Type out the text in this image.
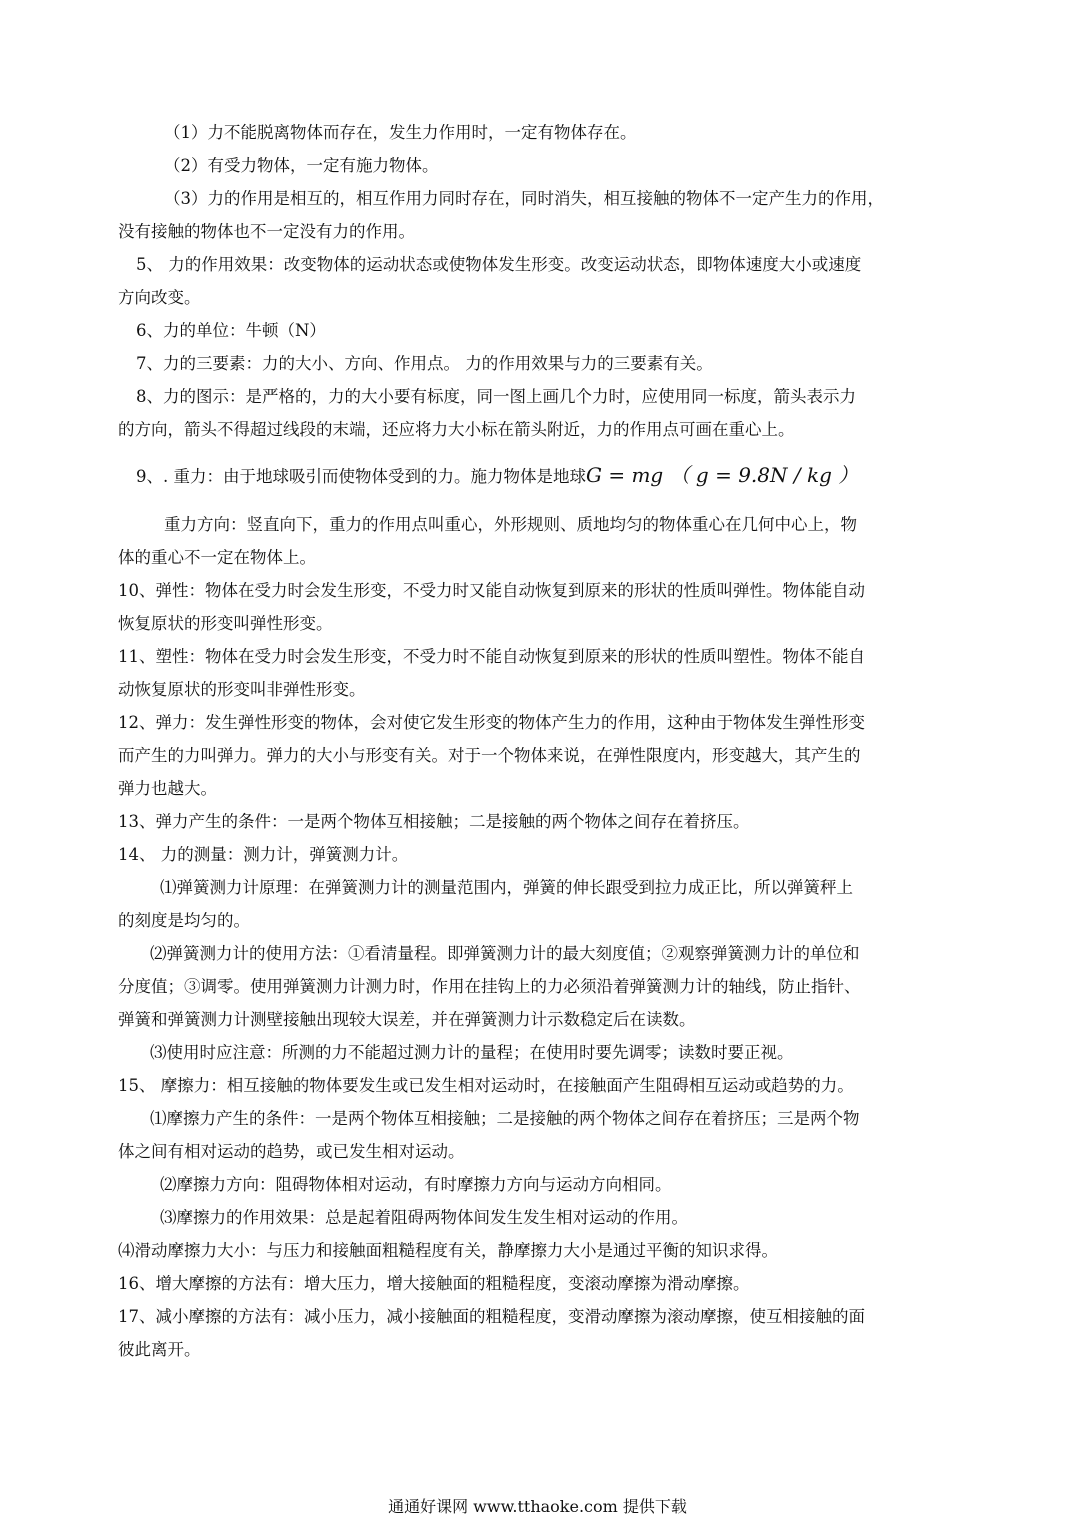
（1）力不能脱离物体而存在，发生力作用时，一定有物体存在。
（2）有受力物体，一定有施力物体。
（3）力的作用是相互的，相互作用力同时存在，同时消失，相互接触的物体不一定产生力的作用，
没有接触的物体也不一定没有力的作用。
5、 力的作用效果：改变物体的运动状态或使物体发生形变。改变运动状态，即物体速度大小或速度
方向改变。
6、力的单位：牛顿（N）
7、力的三要素：力的大小、方向、作用点。 力的作用效果与力的三要素有关。
8、力的图示：是严格的，力的大小要有标度，同一图上画几个力时，应使用同一标度，箭头表示力
的方向，箭头不得超过线段的末端，还应将力大小标在箭头附近，力的作用点可画在重心上。
9、. 重力：由于地球吸引而使物体受到的力。施力物体是地球G = mg （ g = 9.8N / kg ）
重力方向：竖直向下，重力的作用点叫重心，外形规则、质地均匀的物体重心在几何中心上，物
体的重心不一定在物体上。
10、弹性：物体在受力时会发生形变，不受力时又能自动恢复到原来的形状的性质叫弹性。物体能自动
恢复原状的形变叫弹性形变。
11、塑性：物体在受力时会发生形变，不受力时不能自动恢复到原来的形状的性质叫塑性。物体不能自
动恢复原状的形变叫非弹性形变。
12、弹力：发生弹性形变的物体，会对使它发生形变的物体产生力的作用，这种由于物体发生弹性形变
而产生的力叫弹力。弹力的大小与形变有关。对于一个物体来说，在弹性限度内，形变越大，其产生的
弹力也越大。
13、弹力产生的条件：一是两个物体互相接触；二是接触的两个物体之间存在着挤压。
14、 力的测量：测力计，弹簧测力计。
⑴弹簧测力计原理：在弹簧测力计的测量范围内，弹簧的伸长跟受到拉力成正比，所以弹簧秤上
的刻度是均匀的。
⑵弹簧测力计的使用方法：①看清量程。即弹簧测力计的最大刻度值；②观察弹簧测力计的单位和
分度值；③调零。使用弹簧测力计测力时，作用在挂钩上的力必须沿着弹簧测力计的轴线，防止指针、
弹簧和弹簧测力计测壁接触出现较大误差，并在弹簧测力计示数稳定后在读数。
⑶使用时应注意：所测的力不能超过测力计的量程；在使用时要先调零；读数时要正视。
15、 摩擦力：相互接触的物体要发生或已发生相对运动时，在接触面产生阻碍相互运动或趋势的力。
⑴摩擦力产生的条件：一是两个物体互相接触；二是接触的两个物体之间存在着挤压；三是两个物
体之间有相对运动的趋势，或已发生相对运动。
⑵摩擦力方向：阻碍物体相对运动，有时摩擦力方向与运动方向相同。
⑶摩擦力的作用效果：总是起着阻碍两物体间发生发生相对运动的作用。
⑷滑动摩擦力大小：与压力和接触面粗糙程度有关，静摩擦力大小是通过平衡的知识求得。
16、增大摩擦的方法有：增大压力，增大接触面的粗糙程度，变滚动摩擦为滑动摩擦。
17、减小摩擦的方法有：减小压力，减小接触面的粗糙程度，变滑动摩擦为滚动摩擦，使互相接触的面
彼此离开。
通通好课网 www.tthaoke.com 提供下载
